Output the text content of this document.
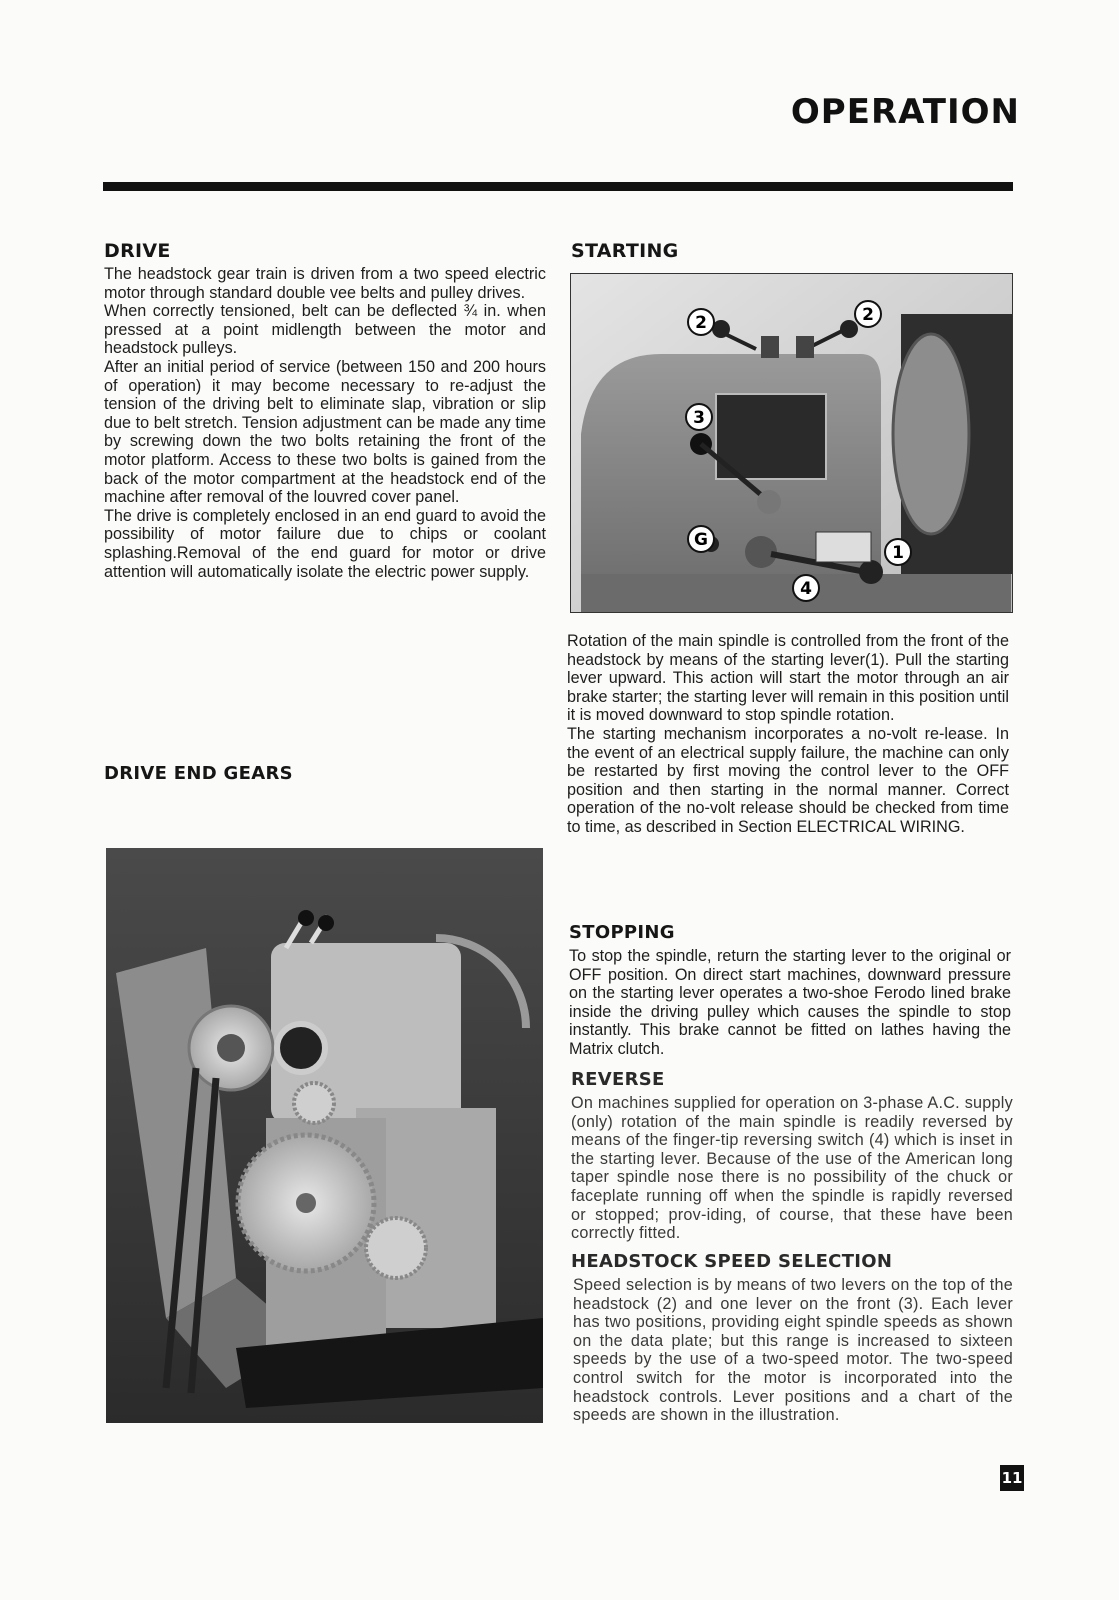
OPERATION
DRIVE

The headstock gear train is driven from a two speed electric motor through standard double vee belts and pulley drives.

When correctly tensioned, belt can be deflected ¾ in. when pressed at a point midlength between the motor and headstock pulleys.

After an initial period of service (between 150 and 200 hours of operation) it may become necessary to re-adjust the tension of the driving belt to eliminate slap, vibration or slip due to belt stretch. Tension adjustment can be made any time by screwing down the two bolts retaining the front of the motor platform. Access to these two bolts is gained from the back of the motor compartment at the headstock end of the machine after removal of the louvred cover panel.

The drive is completely enclosed in an end guard to avoid the possibility of motor failure due to chips or coolant splashing.Removal of the end guard for motor or drive attention will automatically isolate the electric power supply.

DRIVE END GEARS
STARTING
2	2
3
G
1
4

Rotation of the main spindle is controlled from the front of the headstock by means of the starting lever(1). Pull the starting lever upward. This action will start the motor through an air brake starter; the starting lever will remain in this position until it is moved downward to stop spindle rotation.

The starting mechanism incorporates a no-volt re-lease. In the event of an electrical supply failure, the machine can only be restarted by first moving the control lever to the OFF position and then starting in the normal manner. Correct operation of the no-volt release should be checked from time to time, as described in Section ELECTRICAL WIRING.

STOPPING

To stop the spindle, return the starting lever to the original or OFF position. On direct start machines, downward pressure on the starting lever operates a two-shoe Ferodo lined brake inside the driving pulley which causes the spindle to stop instantly. This brake cannot be fitted on lathes having the Matrix clutch.

REVERSE

On machines supplied for operation on 3-phase A.C. supply (only) rotation of the main spindle is readily reversed by means of the finger-tip reversing switch (4) which is inset in the starting lever. Because of the use of the American long taper spindle nose there is no possibility of the chuck or faceplate running off when the spindle is rapidly reversed or stopped; prov-iding, of course, that these have been correctly fitted.

HEADSTOCK SPEED SELECTION

Speed selection is by means of two levers on the top of the headstock (2) and one lever on the front (3). Each lever has two positions, providing eight spindle speeds as shown on the data plate; but this range is increased to sixteen speeds by the use of a two-speed motor. The two-speed control switch for the motor is incorporated into the headstock controls. Lever positions and a chart of the speeds are shown in the illustration.

11
